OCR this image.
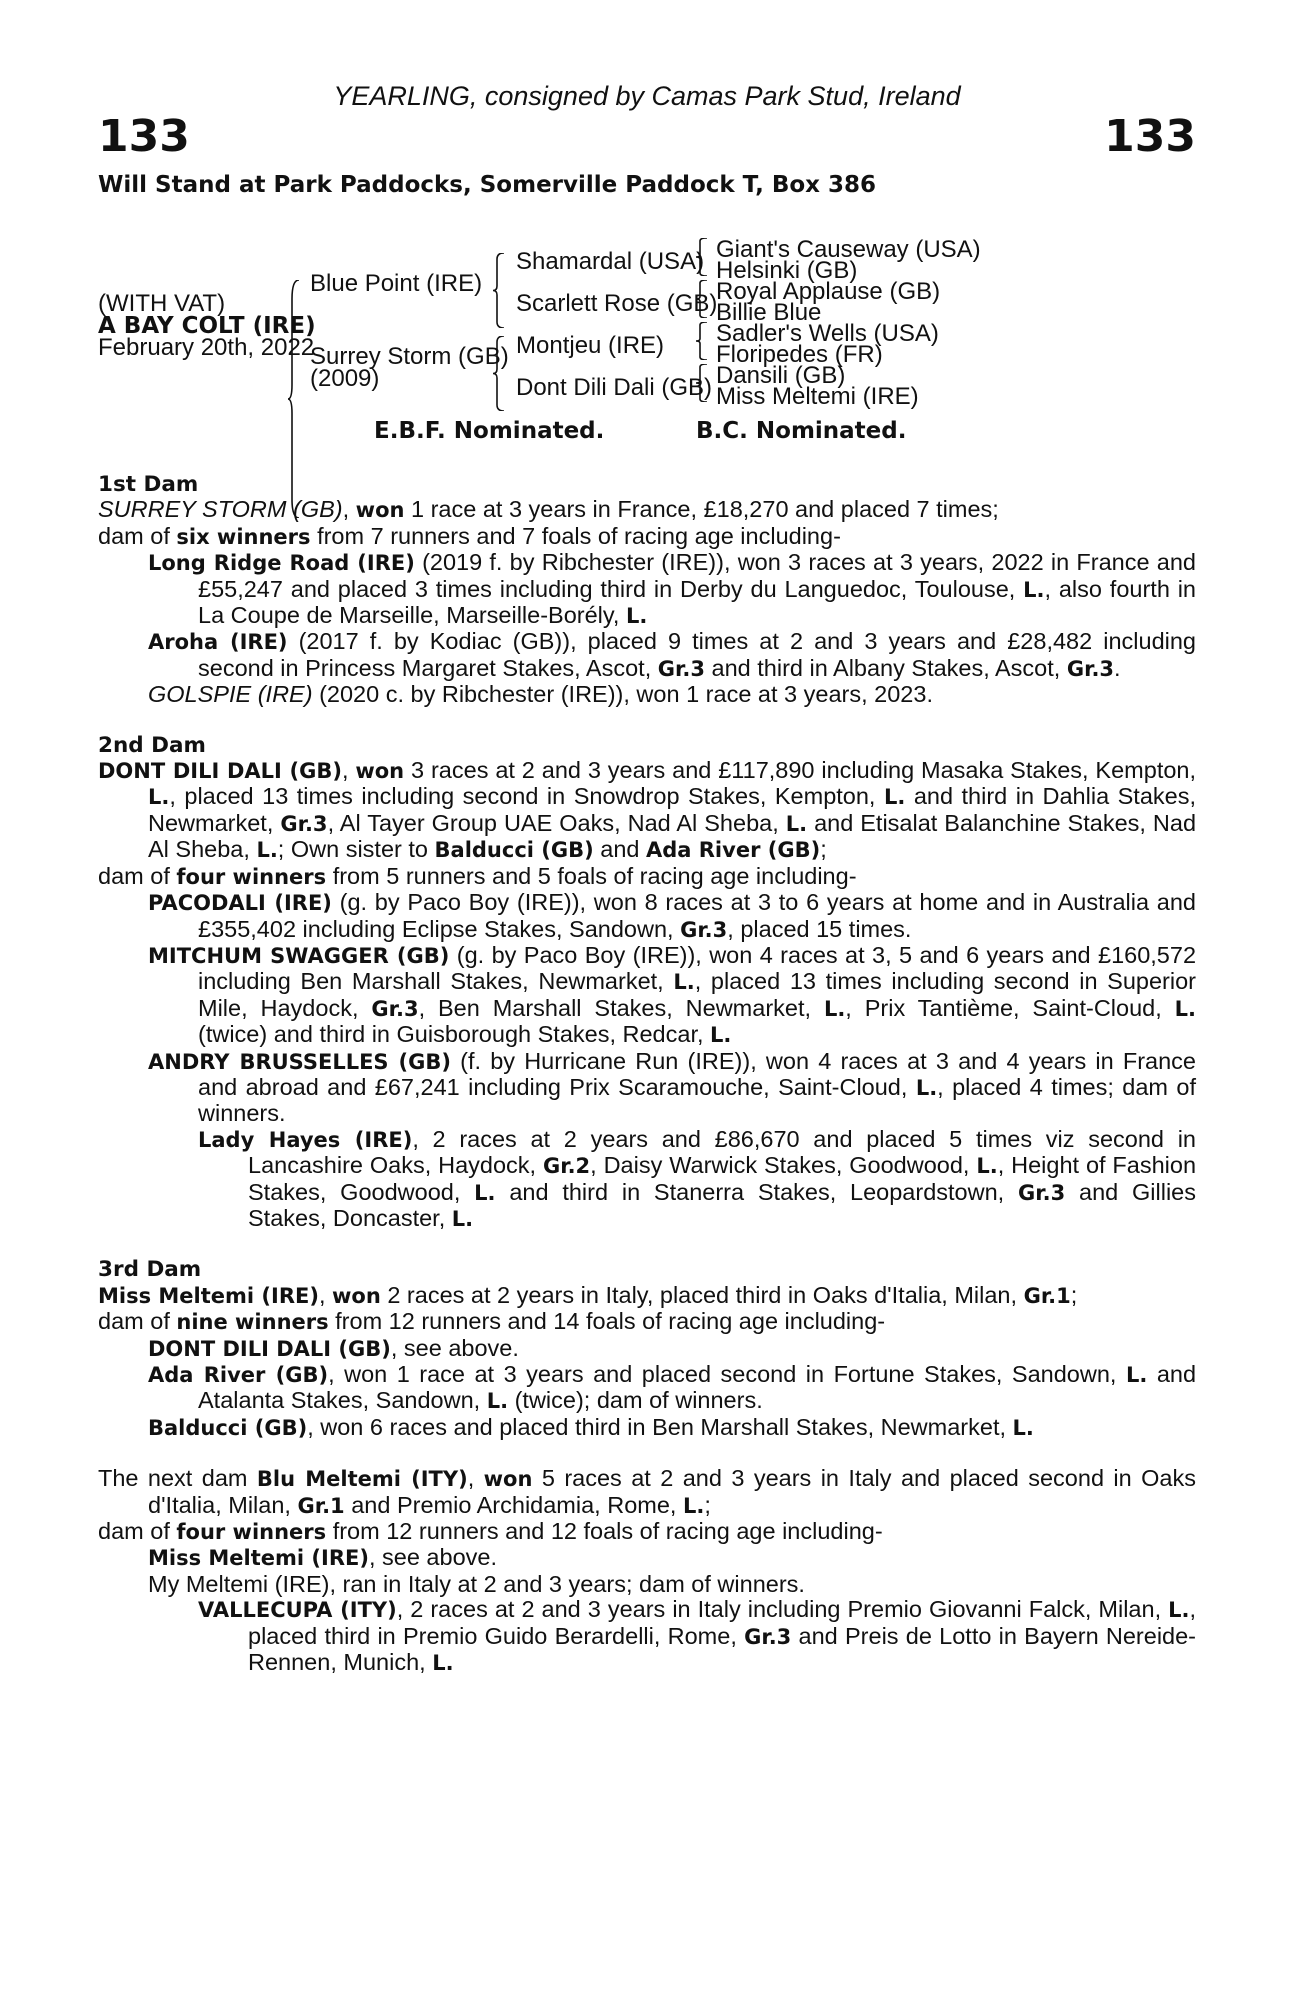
YEARLING, consigned by Camas Park Stud, Ireland
133	133
Will Stand at Park Paddocks, Somerville Paddock T, Box 386
(WITH VAT)
A BAY COLT (IRE)
February 20th, 2022
Blue Point (IRE)
Surrey Storm (GB)
(2009)
Shamardal (USA)
Scarlett Rose (GB)
Montjeu (IRE)
Dont Dili Dali (GB)
Giant's Causeway (USA)
Helsinki (GB)
Royal Applause (GB)
Billie Blue
Sadler's Wells (USA)
Floripedes (FR)
Dansili (GB)
Miss Meltemi (IRE)
E.B.F. Nominated.	B.C. Nominated.
1st Dam

SURREY STORM (GB), won 1 race at 3 years in France, £18,270 and placed 7 times;

dam of six winners from 7 runners and 7 foals of racing age including-

Long Ridge Road (IRE) (2019 f. by Ribchester (IRE)), won 3 races at 3 years, 2022 in France and £55,247 and placed 3 times including third in Derby du Languedoc, Toulouse, L., also fourth in La Coupe de Marseille, Marseille-Borély, L.

Aroha (IRE) (2017 f. by Kodiac (GB)), placed 9 times at 2 and 3 years and £28,482 including second in Princess Margaret Stakes, Ascot, Gr.3 and third in Albany Stakes, Ascot, Gr.3.

GOLSPIE (IRE) (2020 c. by Ribchester (IRE)), won 1 race at 3 years, 2023.

2nd Dam

DONT DILI DALI (GB), won 3 races at 2 and 3 years and £117,890 including Masaka Stakes, Kempton, L., placed 13 times including second in Snowdrop Stakes, Kempton, L. and third in Dahlia Stakes, Newmarket, Gr.3, Al Tayer Group UAE Oaks, Nad Al Sheba, L. and Etisalat Balanchine Stakes, Nad Al Sheba, L.; Own sister to Balducci (GB) and Ada River (GB);

dam of four winners from 5 runners and 5 foals of racing age including-

PACODALI (IRE) (g. by Paco Boy (IRE)), won 8 races at 3 to 6 years at home and in Australia and £355,402 including Eclipse Stakes, Sandown, Gr.3, placed 15 times.

MITCHUM SWAGGER (GB) (g. by Paco Boy (IRE)), won 4 races at 3, 5 and 6 years and £160,572 including Ben Marshall Stakes, Newmarket, L., placed 13 times including second in Superior Mile, Haydock, Gr.3, Ben Marshall Stakes, Newmarket, L., Prix Tantième, Saint-Cloud, L. (twice) and third in Guisborough Stakes, Redcar, L.

ANDRY BRUSSELLES (GB) (f. by Hurricane Run (IRE)), won 4 races at 3 and 4 years in France and abroad and £67,241 including Prix Scaramouche, Saint-Cloud, L., placed 4 times; dam of winners.

Lady Hayes (IRE), 2 races at 2 years and £86,670 and placed 5 times viz second in Lancashire Oaks, Haydock, Gr.2, Daisy Warwick Stakes, Goodwood, L., Height of Fashion Stakes, Goodwood, L. and third in Stanerra Stakes, Leopardstown, Gr.3 and Gillies Stakes, Doncaster, L.

3rd Dam

Miss Meltemi (IRE), won 2 races at 2 years in Italy, placed third in Oaks d'Italia, Milan, Gr.1;

dam of nine winners from 12 runners and 14 foals of racing age including-

DONT DILI DALI (GB), see above.

Ada River (GB), won 1 race at 3 years and placed second in Fortune Stakes, Sandown, L. and Atalanta Stakes, Sandown, L. (twice); dam of winners.

Balducci (GB), won 6 races and placed third in Ben Marshall Stakes, Newmarket, L.

The next dam Blu Meltemi (ITY), won 5 races at 2 and 3 years in Italy and placed second in Oaks d'Italia, Milan, Gr.1 and Premio Archidamia, Rome, L.;

dam of four winners from 12 runners and 12 foals of racing age including-

Miss Meltemi (IRE), see above.

My Meltemi (IRE), ran in Italy at 2 and 3 years; dam of winners.

VALLECUPA (ITY), 2 races at 2 and 3 years in Italy including Premio Giovanni Falck, Milan, L., placed third in Premio Guido Berardelli, Rome, Gr.3 and Preis de Lotto in Bayern Nereide-Rennen, Munich, L.
